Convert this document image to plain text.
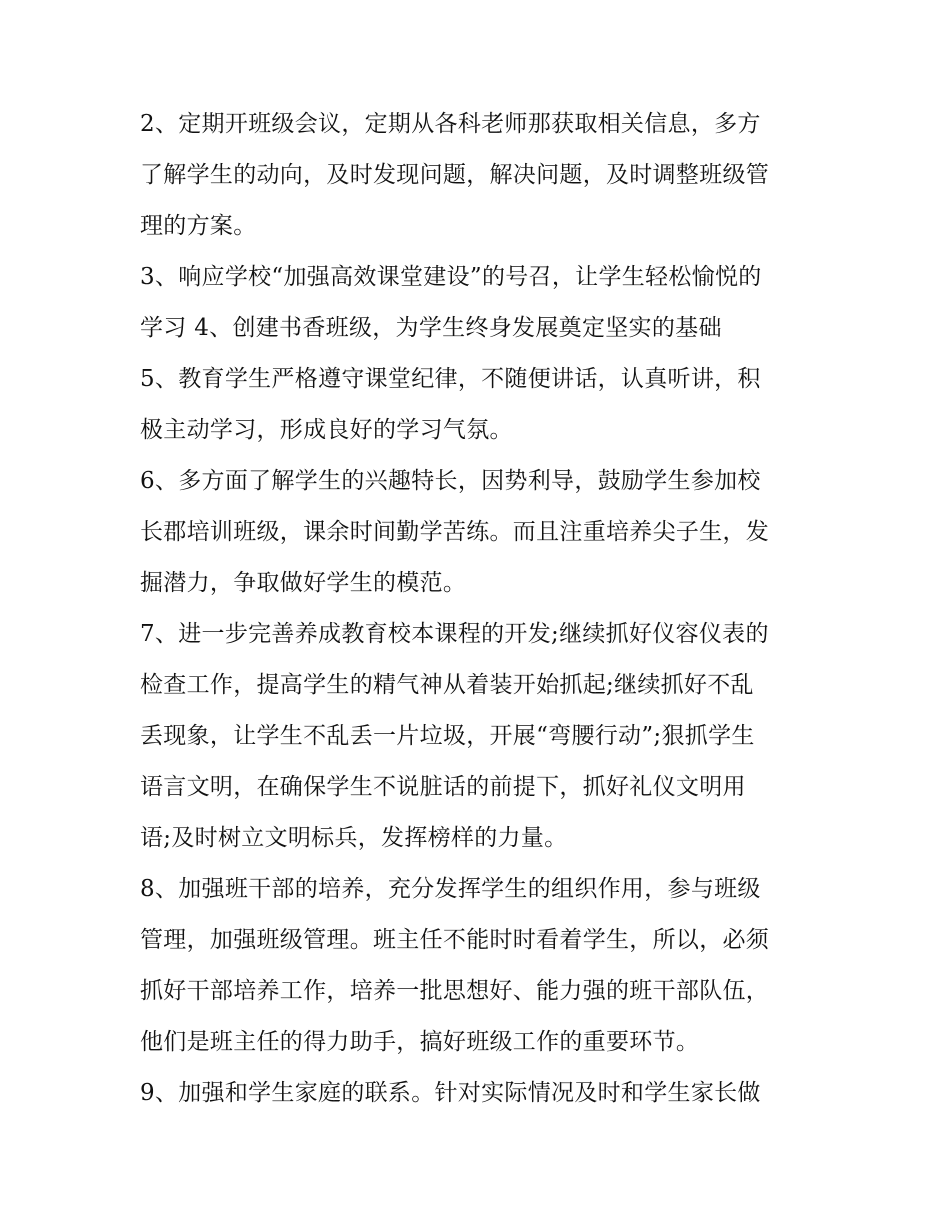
2、定期开班级会议，定期从各科老师那获取相关信息，多方
了解学生的动向，及时发现问题，解决问题，及时调整班级管
理的方案。
3、响应学校“加强高效课堂建设”的号召，让学生轻松愉悦的
学习 4、创建书香班级，为学生终身发展奠定坚实的基础
5、教育学生严格遵守课堂纪律，不随便讲话，认真听讲，积
极主动学习，形成良好的学习气氛。
6、多方面了解学生的兴趣特长，因势利导，鼓励学生参加校
长郡培训班级，课余时间勤学苦练。而且注重培养尖子生，发
掘潜力，争取做好学生的模范。
7、进一步完善养成教育校本课程的开发;继续抓好仪容仪表的
检查工作，提高学生的精气神从着装开始抓起;继续抓好不乱
丢现象，让学生不乱丢一片垃圾，开展“弯腰行动”;狠抓学生
语言文明，在确保学生不说脏话的前提下，抓好礼仪文明用
语;及时树立文明标兵，发挥榜样的力量。
8、加强班干部的培养，充分发挥学生的组织作用，参与班级
管理，加强班级管理。班主任不能时时看着学生，所以，必须
抓好干部培养工作，培养一批思想好、能力强的班干部队伍，
他们是班主任的得力助手，搞好班级工作的重要环节。
9、加强和学生家庭的联系。针对实际情况及时和学生家长做
